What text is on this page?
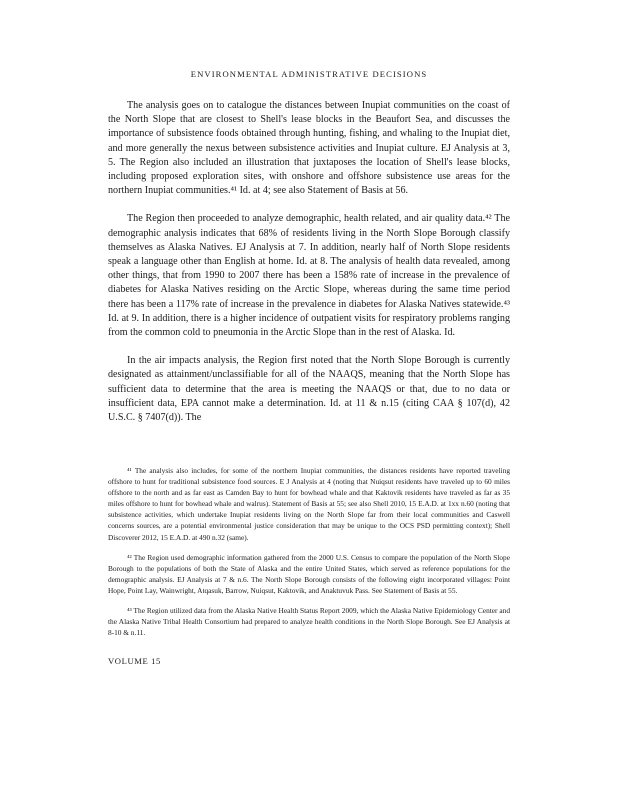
ENVIRONMENTAL ADMINISTRATIVE DECISIONS

The analysis goes on to catalogue the distances between Inupiat communities on the coast of the North Slope that are closest to Shell's lease blocks in the Beaufort Sea, and discusses the importance of subsistence foods obtained through hunting, fishing, and whaling to the Inupiat diet, and more generally the nexus between subsistence activities and Inupiat culture. EJ Analysis at 3, 5. The Region also included an illustration that juxtaposes the location of Shell's lease blocks, including proposed exploration sites, with onshore and offshore subsistence use areas for the northern Inupiat communities.⁴¹ Id. at 4; see also Statement of Basis at 56.

The Region then proceeded to analyze demographic, health related, and air quality data.⁴² The demographic analysis indicates that 68% of residents living in the North Slope Borough classify themselves as Alaska Natives. EJ Analysis at 7. In addition, nearly half of North Slope residents speak a language other than English at home. Id. at 8. The analysis of health data revealed, among other things, that from 1990 to 2007 there has been a 158% rate of increase in the prevalence of diabetes for Alaska Natives residing on the Arctic Slope, whereas during the same time period there has been a 117% rate of increase in the prevalence in diabetes for Alaska Natives statewide.⁴³ Id. at 9. In addition, there is a higher incidence of outpatient visits for respiratory problems ranging from the common cold to pneumonia in the Arctic Slope than in the rest of Alaska. Id.

In the air impacts analysis, the Region first noted that the North Slope Borough is currently designated as attainment/unclassifiable for all of the NAAQS, meaning that the North Slope has sufficient data to determine that the area is meeting the NAAQS or that, due to no data or insufficient data, EPA cannot make a determination. Id. at 11 & n.15 (citing CAA § 107(d), 42 U.S.C. § 7407(d)). The

⁴¹ The analysis also includes, for some of the northern Inupiat communities, the distances residents have reported traveling offshore to hunt for traditional subsistence food sources. E J Analysis at 4 (noting that Nuiqsut residents have traveled up to 60 miles offshore to the north and as far east as Camden Bay to hunt for bowhead whale and that Kaktovik residents have traveled as far as 35 miles offshore to hunt for bowhead whale and walrus). Statement of Basis at 55; see also Shell 2010, 15 E.A.D. at 1xx n.60 (noting that subsistence activities, which undertake Inupiat residents living on the North Slope far from their local communities and Caswell concerns sources, are a potential environmental justice consideration that may be unique to the OCS PSD permitting context); Shell Discoverer 2012, 15 E.A.D. at 490 n.32 (same).

⁴² The Region used demographic information gathered from the 2000 U.S. Census to compare the population of the North Slope Borough to the populations of both the State of Alaska and the entire United States, which served as reference populations for the demographic analysis. EJ Analysis at 7 & n.6. The North Slope Borough consists of the following eight incorporated villages: Point Hope, Point Lay, Wainwright, Atqasuk, Barrow, Nuiqsut, Kaktovik, and Anaktuvuk Pass. See Statement of Basis at 55.

⁴³ The Region utilized data from the Alaska Native Health Status Report 2009, which the Alaska Native Epidemiology Center and the Alaska Native Tribal Health Consortium had prepared to analyze health conditions in the North Slope Borough. See EJ Analysis at 8-10 & n.11.

VOLUME 15
